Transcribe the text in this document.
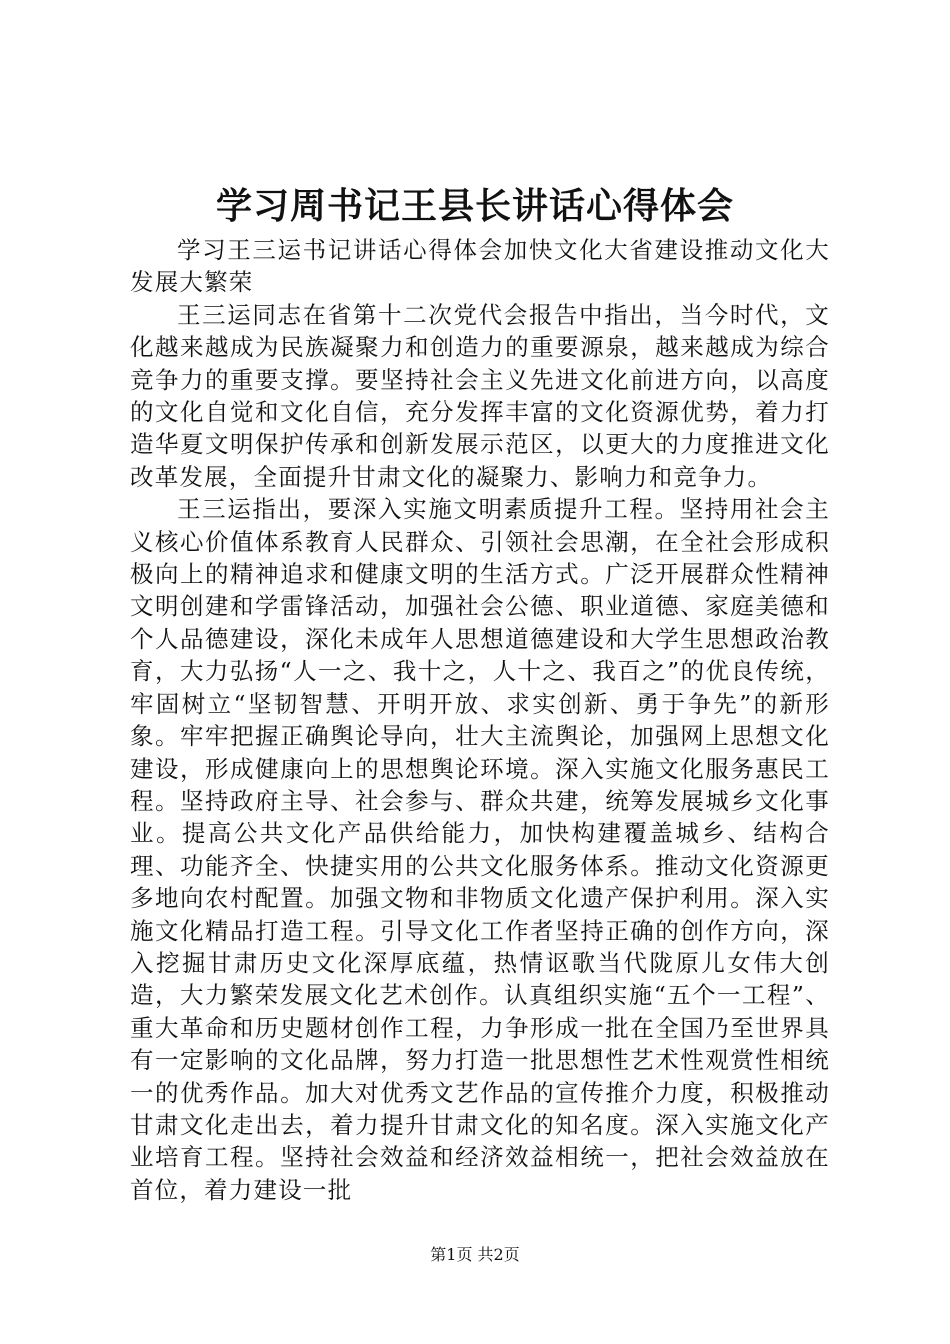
学习周书记王县长讲话心得体会

学习王三运书记讲话心得体会加快文化大省建设推动文化大发展大繁荣

王三运同志在省第十二次党代会报告中指出，当今时代，文化越来越成为民族凝聚力和创造力的重要源泉，越来越成为综合竞争力的重要支撑。要坚持社会主义先进文化前进方向，以高度的文化自觉和文化自信，充分发挥丰富的文化资源优势，着力打造华夏文明保护传承和创新发展示范区，以更大的力度推进文化改革发展，全面提升甘肃文化的凝聚力、影响力和竞争力。

王三运指出，要深入实施文明素质提升工程。坚持用社会主义核心价值体系教育人民群众、引领社会思潮，在全社会形成积极向上的精神追求和健康文明的生活方式。广泛开展群众性精神文明创建和学雷锋活动，加强社会公德、职业道德、家庭美德和个人品德建设，深化未成年人思想道德建设和大学生思想政治教育，大力弘扬“人一之、我十之，人十之、我百之”的优良传统，牢固树立“坚韧智慧、开明开放、求实创新、勇于争先”的新形象。牢牢把握正确舆论导向，壮大主流舆论，加强网上思想文化建设，形成健康向上的思想舆论环境。深入实施文化服务惠民工程。坚持政府主导、社会参与、群众共建，统筹发展城乡文化事业。提高公共文化产品供给能力，加快构建覆盖城乡、结构合理、功能齐全、快捷实用的公共文化服务体系。推动文化资源更多地向农村配置。加强文物和非物质文化遗产保护利用。深入实施文化精品打造工程。引导文化工作者坚持正确的创作方向，深入挖掘甘肃历史文化深厚底蕴，热情讴歌当代陇原儿女伟大创造，大力繁荣发展文化艺术创作。认真组织实施“五个一工程”、重大革命和历史题材创作工程，力争形成一批在全国乃至世界具有一定影响的文化品牌，努力打造一批思想性艺术性观赏性相统一的优秀作品。加大对优秀文艺作品的宣传推介力度，积极推动甘肃文化走出去，着力提升甘肃文化的知名度。深入实施文化产业培育工程。坚持社会效益和经济效益相统一，把社会效益放在首位，着力建设一批

第1页 共2页
